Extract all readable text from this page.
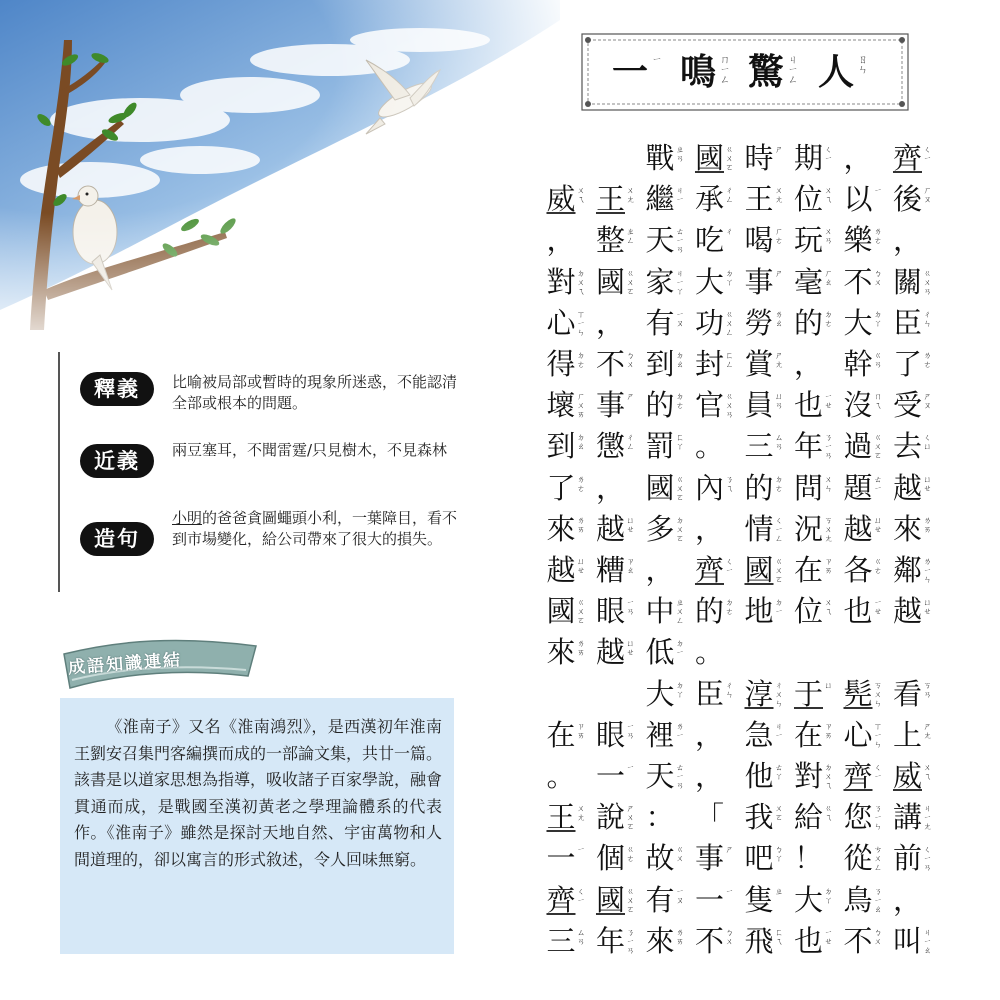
釋義	比喻被局部或暫時的現象所迷惑，不能認清全部或根本的問題。
近義	兩豆塞耳，不聞雷霆/只見樹木，不見森林
造句
小明的爸爸貪圖蠅頭小利，一葉障目，看不到市場變化，給公司帶來了很大的損失。
成語知識連結
《淮南子》又名《淮南鴻烈》，是西漢初年淮南王劉安召集門客編撰而成的一部論文集，共廿一篇。該書是以道家思想為指導，吸收諸子百家學說，融會貫通而成，是戰國至漢初黃老之學理論體系的代表作。《淮南子》雖然是探討天地自然、宇宙萬物和人間道理的，卻以寓言的形式敘述，令人回味無窮。
一 ㄧ 鳴 ㄇ
ㄧ
ㄥ 驚 ㄐ
ㄧ
ㄥ 人 ㄖ
ㄣ
戰 ㄓ
ㄢ 國 ㄍ
ㄨ
ㄛ 時 ㄕ 期 ㄑ
ㄧ ， 齊 ㄑ
ㄧ
威 ㄨ
ㄟ 王 ㄨ
ㄤ 繼 ㄐ
ㄧ 承 ㄔ
ㄥ 王 ㄨ
ㄤ 位 ㄨ
ㄟ 以 ㄧ 後 ㄏ
ㄡ
， 整 ㄓ
ㄥ 天 ㄊ
ㄧ
ㄢ 吃 ㄔ 喝 ㄏ
ㄜ 玩 ㄨ
ㄢ 樂 ㄌ
ㄜ ，
對 ㄉ
ㄨ
ㄟ 國 ㄍ
ㄨ
ㄛ 家 ㄐ
ㄧ
ㄚ 大 ㄉ
ㄚ 事 ㄕ 毫 ㄏ
ㄠ 不 ㄅ
ㄨ 關 ㄍ
ㄨ
ㄢ
心 ㄒ
ㄧ
ㄣ ， 有 ㄧ
ㄡ 功 ㄍ
ㄨ
ㄥ 勞 ㄌ
ㄠ 的 ㄉ
ㄜ 大 ㄉ
ㄚ 臣 ㄔ
ㄣ
得 ㄉ
ㄜ 不 ㄅ
ㄨ 到 ㄉ
ㄠ 封 ㄈ
ㄥ 賞 ㄕ
ㄤ ， 幹 ㄍ
ㄢ 了 ㄌ
ㄜ
壞 ㄏ
ㄨ
ㄞ 事 ㄕ 的 ㄉ
ㄜ 官 ㄍ
ㄨ
ㄢ 員 ㄩ
ㄢ 也 ㄧ
ㄝ 沒 ㄇ
ㄟ 受 ㄕ
ㄡ
到 ㄉ
ㄠ 懲 ㄔ
ㄥ 罰 ㄈ
ㄚ 。 三 ㄙ
ㄢ 年 ㄋ
ㄧ
ㄢ 過 ㄍ
ㄨ
ㄛ 去 ㄑ
ㄩ
了 ㄌ
ㄜ ， 國 ㄍ
ㄨ
ㄛ 內 ㄋ
ㄟ 的 ㄉ
ㄜ 問 ㄨ
ㄣ 題 ㄊ
ㄧ 越 ㄩ
ㄝ
來 ㄌ
ㄞ 越 ㄩ
ㄝ 多 ㄉ
ㄨ
ㄛ ， 情 ㄑ
ㄧ
ㄥ 況 ㄎ
ㄨ
ㄤ 越 ㄩ
ㄝ 來 ㄌ
ㄞ
越 ㄩ
ㄝ 糟 ㄗ
ㄠ ， 齊 ㄑ
ㄧ 國 ㄍ
ㄨ
ㄛ 在 ㄗ
ㄞ 各 ㄍ
ㄜ 鄰 ㄌ
ㄧ
ㄣ
國 ㄍ
ㄨ
ㄛ 眼 ㄧ
ㄢ 中 ㄓ
ㄨ
ㄥ 的 ㄉ
ㄜ 地 ㄉ
ㄧ 位 ㄨ
ㄟ 也 ㄧ
ㄝ 越 ㄩ
ㄝ
來 ㄌ
ㄞ 越 ㄩ
ㄝ 低 ㄉ
ㄧ 。
大 ㄉ
ㄚ 臣 ㄔ
ㄣ 淳 ㄔ
ㄨ
ㄣ 于 ㄩ 髡 ㄎ
ㄨ
ㄣ 看 ㄎ
ㄢ
在 ㄗ
ㄞ 眼 ㄧ
ㄢ 裡 ㄌ
ㄧ ， 急 ㄐ
ㄧ 在 ㄗ
ㄞ 心 ㄒ
ㄧ
ㄣ 上 ㄕ
ㄤ
。 一 ㄧ 天 ㄊ
ㄧ
ㄢ ， 他 ㄊ
ㄚ 對 ㄉ
ㄨ
ㄟ 齊 ㄑ
ㄧ 威 ㄨ
ㄟ
王 ㄨ
ㄤ 說 ㄕ
ㄨ
ㄛ ： 「 我 ㄨ
ㄛ 給 ㄍ
ㄟ 您 ㄋ
ㄧ
ㄣ 講 ㄐ
ㄧ
ㄤ
一 ㄧ 個 ㄍ
ㄜ 故 ㄍ
ㄨ 事 ㄕ 吧 ㄅ
ㄚ ！ 從 ㄘ
ㄨ
ㄥ 前 ㄑ
ㄧ
ㄢ
齊 ㄑ
ㄧ 國 ㄍ
ㄨ
ㄛ 有 ㄧ
ㄡ 一 ㄧ 隻 ㄓ 大 ㄉ
ㄚ 鳥 ㄋ
ㄧ
ㄠ ，
三 ㄙ
ㄢ 年 ㄋ
ㄧ
ㄢ 來 ㄌ
ㄞ 不 ㄅ
ㄨ 飛 ㄈ
ㄟ 也 ㄧ
ㄝ 不 ㄅ
ㄨ 叫 ㄐ
ㄧ
ㄠ
